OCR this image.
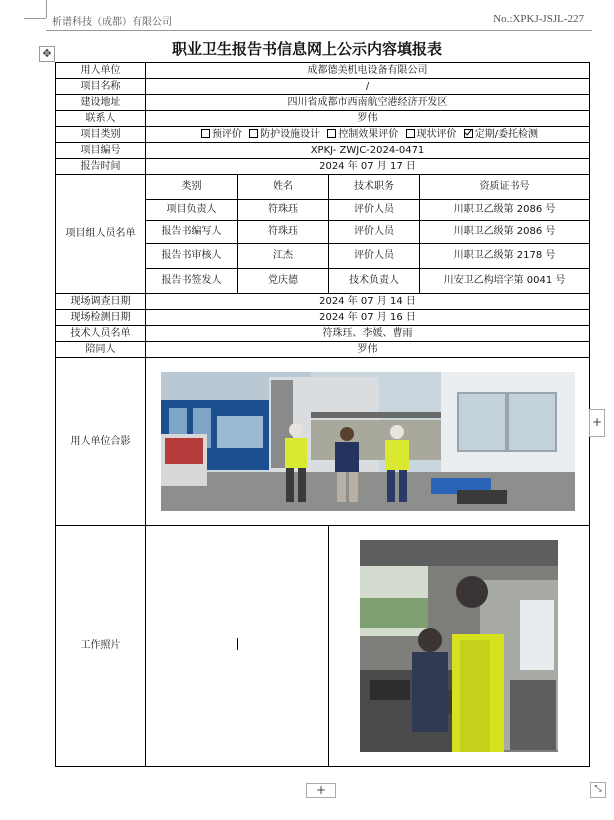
析谱科技（成都）有限公司	No.:XPKJ-JSJL-227
✥	职业卫生报告书信息网上公示内容填报表
用人单位	成都德美机电设备有限公司			
项目名称	/			
建设地址	四川省成都市西南航空港经济开发区			
联系人	罗伟			
项目类别	预评价 防护设施设计 控制效果评价 现状评价 定期/委托检测			
项目编号	XPKJ- ZWJC-2024-0471			
报告时间	2024 年 07 月 17 日			
项目组人员名单	类别	姓名	技术职务	资质证书号
	项目负责人	符珠珏	评价人员	川职卫乙级第 2086 号
	报告书编写人	符珠珏	评价人员	川职卫乙级第 2086 号
	报告书审核人	江杰	评价人员	川职卫乙级第 2178 号
	报告书签发人	党庆德	技术负责人	川安卫乙构培字第 0041 号
现场调查日期	2024 年 07 月 14 日			
现场检测日期	2024 年 07 月 16 日			
技术人员名单	符珠珏、李媛、曹雨			
陪同人	罗伟			
用人单位合影	

工作照片		
+
+	⤡
